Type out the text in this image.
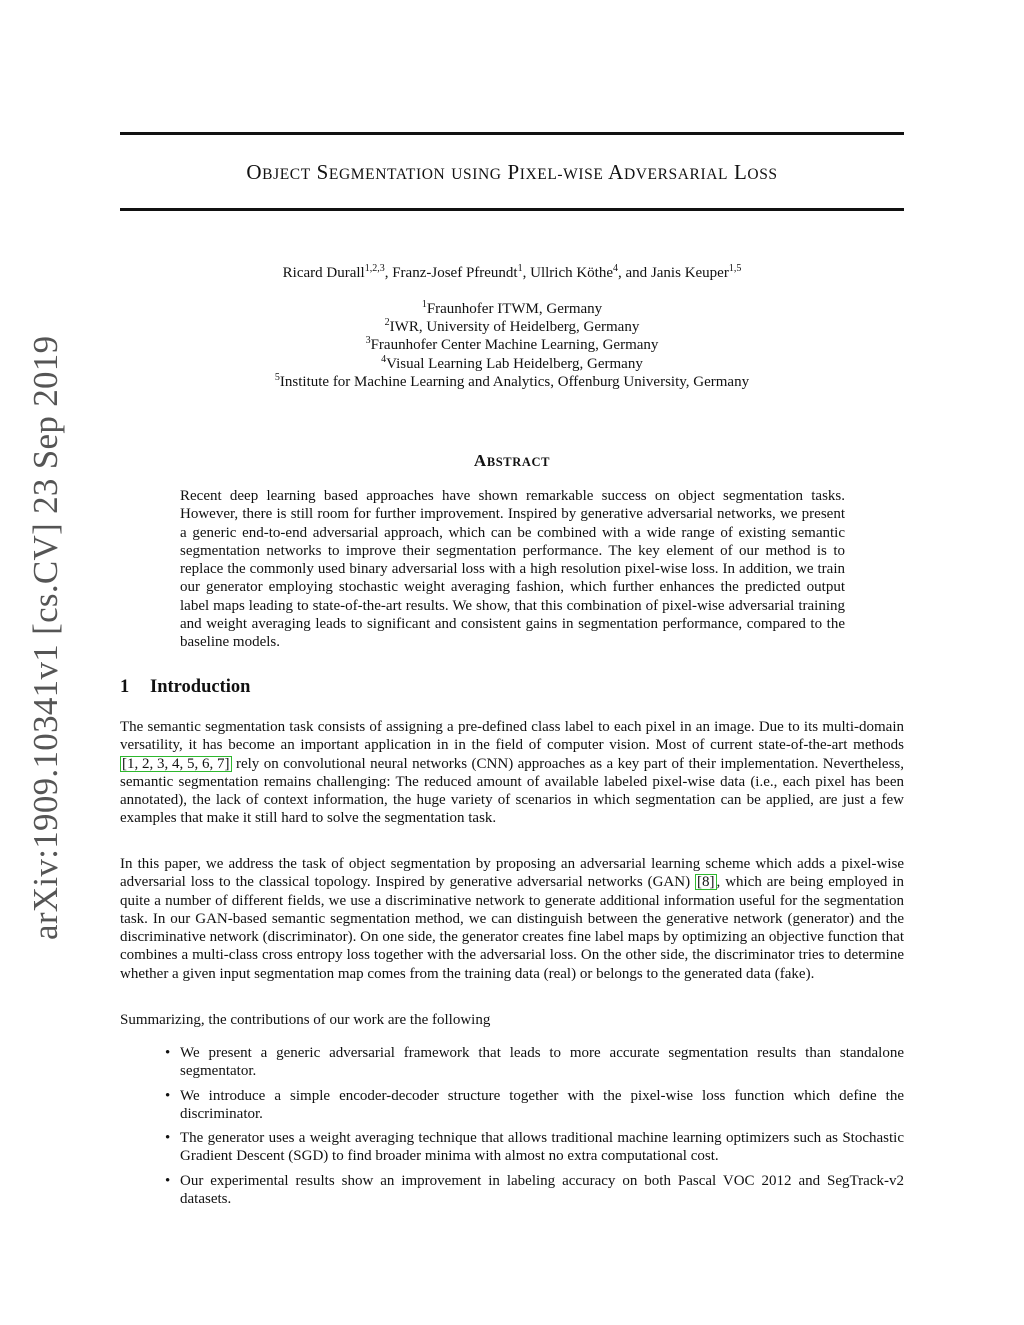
arXiv:1909.10341v1 [cs.CV] 23 Sep 2019
OBJECT SEGMENTATION USING PIXEL-WISE ADVERSARIAL LOSS
Ricard Durall$^{1,2,3}$, Franz-Josef Pfreundt$^1$, Ullrich Köthe$^4$, and Janis Keuper$^{1,5}$
$^1$Fraunhofer ITWM, Germany
$^2$IWR, University of Heidelberg, Germany
$^3$Fraunhofer Center Machine Learning, Germany
$^4$Visual Learning Lab Heidelberg, Germany
$^5$Institute for Machine Learning and Analytics, Offenburg University, Germany
ABSTRACT

Recent deep learning based approaches have shown remarkable success on object segmentation tasks. However, there is still room for further improvement. Inspired by generative adversarial networks, we present a generic end-to-end adversarial approach, which can be combined with a wide range of existing semantic segmentation networks to improve their segmentation performance. The key element of our method is to replace the commonly used binary adversarial loss with a high resolution pixel-wise loss. In addition, we train our generator employing stochastic weight averaging fashion, which further enhances the predicted output label maps leading to state-of-the-art results. We show, that this combination of pixel-wise adversarial training and weight averaging leads to significant and consistent gains in segmentation performance, compared to the baseline models.

1 Introduction

The semantic segmentation task consists of assigning a pre-defined class label to each pixel in an image. Due to its multi-domain versatility, it has become an important application in in the field of computer vision. Most of current state-of-the-art methods [1, 2, 3, 4, 5, 6, 7] rely on convolutional neural networks (CNN) approaches as a key part of their implementation. Nevertheless, semantic segmentation remains challenging: The reduced amount of available labeled pixel-wise data (i.e., each pixel has been annotated), the lack of context information, the huge variety of scenarios in which segmentation can be applied, are just a few examples that make it still hard to solve the segmentation task.

In this paper, we address the task of object segmentation by proposing an adversarial learning scheme which adds a pixel-wise adversarial loss to the classical topology. Inspired by generative adversarial networks (GAN) [8] , which are being employed in quite a number of different fields, we use a discriminative network to generate additional information useful for the segmentation task. In our GAN-based semantic segmentation method, we can distinguish between the generative network (generator) and the discriminative network (discriminator). On one side, the generator creates fine label maps by optimizing an objective function that combines a multi-class cross entropy loss together with the adversarial loss. On the other side, the discriminator tries to determine whether a given input segmentation map comes from the training data (real) or belongs to the generated data (fake).

Summarizing, the contributions of our work are the following

• We present a generic adversarial framework that leads to more accurate segmentation results than standalone segmentator.
• We introduce a simple encoder-decoder structure together with the pixel-wise loss function which define the discriminator.
• The generator uses a weight averaging technique that allows traditional machine learning optimizers such as Stochastic Gradient Descent (SGD) to find broader minima with almost no extra computational cost.
• Our experimental results show an improvement in labeling accuracy on both Pascal VOC 2012 and SegTrack-v2 datasets.
